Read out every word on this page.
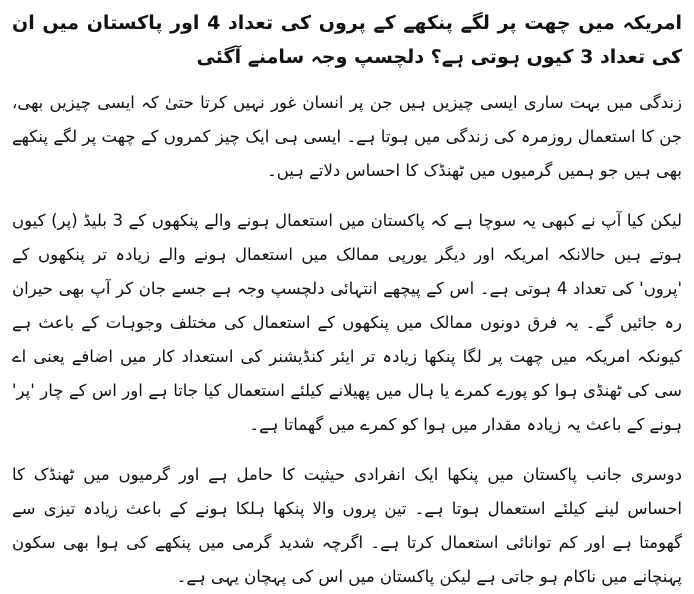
امریکہ میں چھت پر لگے پنکھے کے پروں کی تعداد 4 اور پاکستان میں ان کی تعداد 3 کیوں ہوتی ہے؟ دلچسپ وجہ سامنے آگئی

زندگی میں بہت ساری ایسی چیزیں ہیں جن پر انسان غور نہیں کرتا حتیٰ کہ ایسی چیزیں بھی، جن کا استعمال روزمرہ کی زندگی میں ہوتا ہے۔ ایسی ہی ایک چیز کمروں کے چھت پر لگے پنکھے بھی ہیں جو ہمیں گرمیوں میں ٹھنڈک کا احساس دلاتے ہیں۔

لیکن کیا آپ نے کبھی یہ سوچا ہے کہ پاکستان میں استعمال ہونے والے پنکھوں کے 3 بلیڈ (پر) کیوں ہوتے ہیں حالانکہ امریکہ اور دیگر یورپی ممالک میں استعمال ہونے والے زیادہ تر پنکھوں کے 'پروں' کی تعداد 4 ہوتی ہے۔ اس کے پیچھے انتہائی دلچسپ وجہ ہے جسے جان کر آپ بھی حیران رہ جائیں گے۔ یہ فرق دونوں ممالک میں پنکھوں کے استعمال کی مختلف وجوہات کے باعث ہے کیونکہ امریکہ میں چھت پر لگا پنکھا زیادہ تر ایئر کنڈیشنر کی استعداد کار میں اضافے یعنی اے سی کی ٹھنڈی ہوا کو پورے کمرے یا ہال میں پھیلانے کیلئے استعمال کیا جاتا ہے اور اس کے چار 'پر' ہونے کے باعث یہ زیادہ مقدار میں ہوا کو کمرے میں گھماتا ہے۔

دوسری جانب پاکستان میں پنکھا ایک انفرادی حیثیت کا حامل ہے اور گرمیوں میں ٹھنڈک کا احساس لینے کیلئے استعمال ہوتا ہے۔ تین پروں والا پنکھا ہلکا ہونے کے باعث زیادہ تیزی سے گھومتا ہے اور کم توانائی استعمال کرتا ہے۔ اگرچہ شدید گرمی میں پنکھے کی ہوا بھی سکون پہنچانے میں ناکام ہو جاتی ہے لیکن پاکستان میں اس کی پہچان یہی ہے۔
